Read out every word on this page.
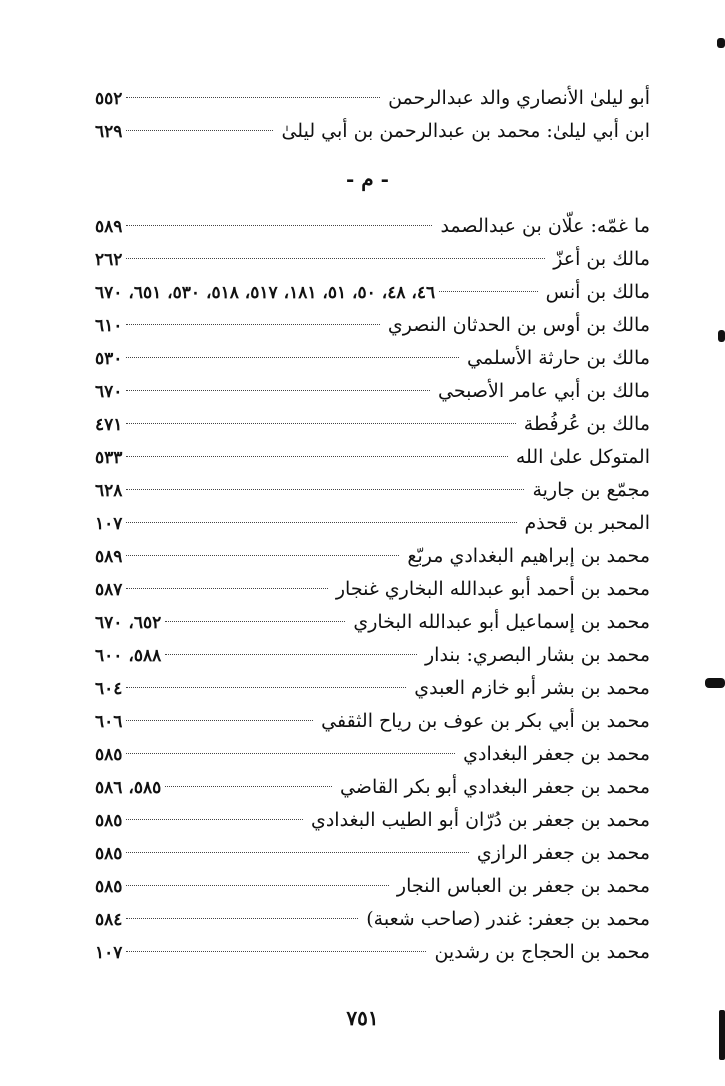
أبو ليلىٰ الأنصاري والد عبدالرحمن
٥٥٢
ابن أبي ليلىٰ: محمد بن عبدالرحمن بن أبي ليلىٰ
٦٢٩
- م -
ما غمّه: علّان بن عبدالصمد
٥٨٩
مالك بن أعزّ
٢٦٢
مالك بن أنس
٤٦، ٤٨، ٥٠، ٥١، ١٨١، ٥١٧، ٥١٨، ٥٣٠، ٦٥١، ٦٧٠
مالك بن أوس بن الحدثان النصري
٦١٠
مالك بن حارثة الأسلمي
٥٣٠
مالك بن أبي عامر الأصبحي
٦٧٠
مالك بن عُرفُطة
٤٧١
المتوكل علىٰ الله
٥٣٣
مجمّع بن جارية
٦٢٨
المحبر بن قحذم
١٠٧
محمد بن إبراهيم البغدادي مربّع
٥٨٩
محمد بن أحمد أبو عبدالله البخاري غنجار
٥٨٧
محمد بن إسماعيل أبو عبدالله البخاري
٦٥٢، ٦٧٠
محمد بن بشار البصري: بندار
٥٨٨، ٦٠٠
محمد بن بشر أبو خازم العبدي
٦٠٤
محمد بن أبي بكر بن عوف بن رياح الثقفي
٦٠٦
محمد بن جعفر البغدادي
٥٨٥
محمد بن جعفر البغدادي أبو بكر القاضي
٥٨٥، ٥٨٦
محمد بن جعفر بن دُرّان أبو الطيب البغدادي
٥٨٥
محمد بن جعفر الرازي
٥٨٥
محمد بن جعفر بن العباس النجار
٥٨٥
محمد بن جعفر: غندر (صاحب شعبة)
٥٨٤
محمد بن الحجاج بن رشدين
١٠٧
٧٥١
